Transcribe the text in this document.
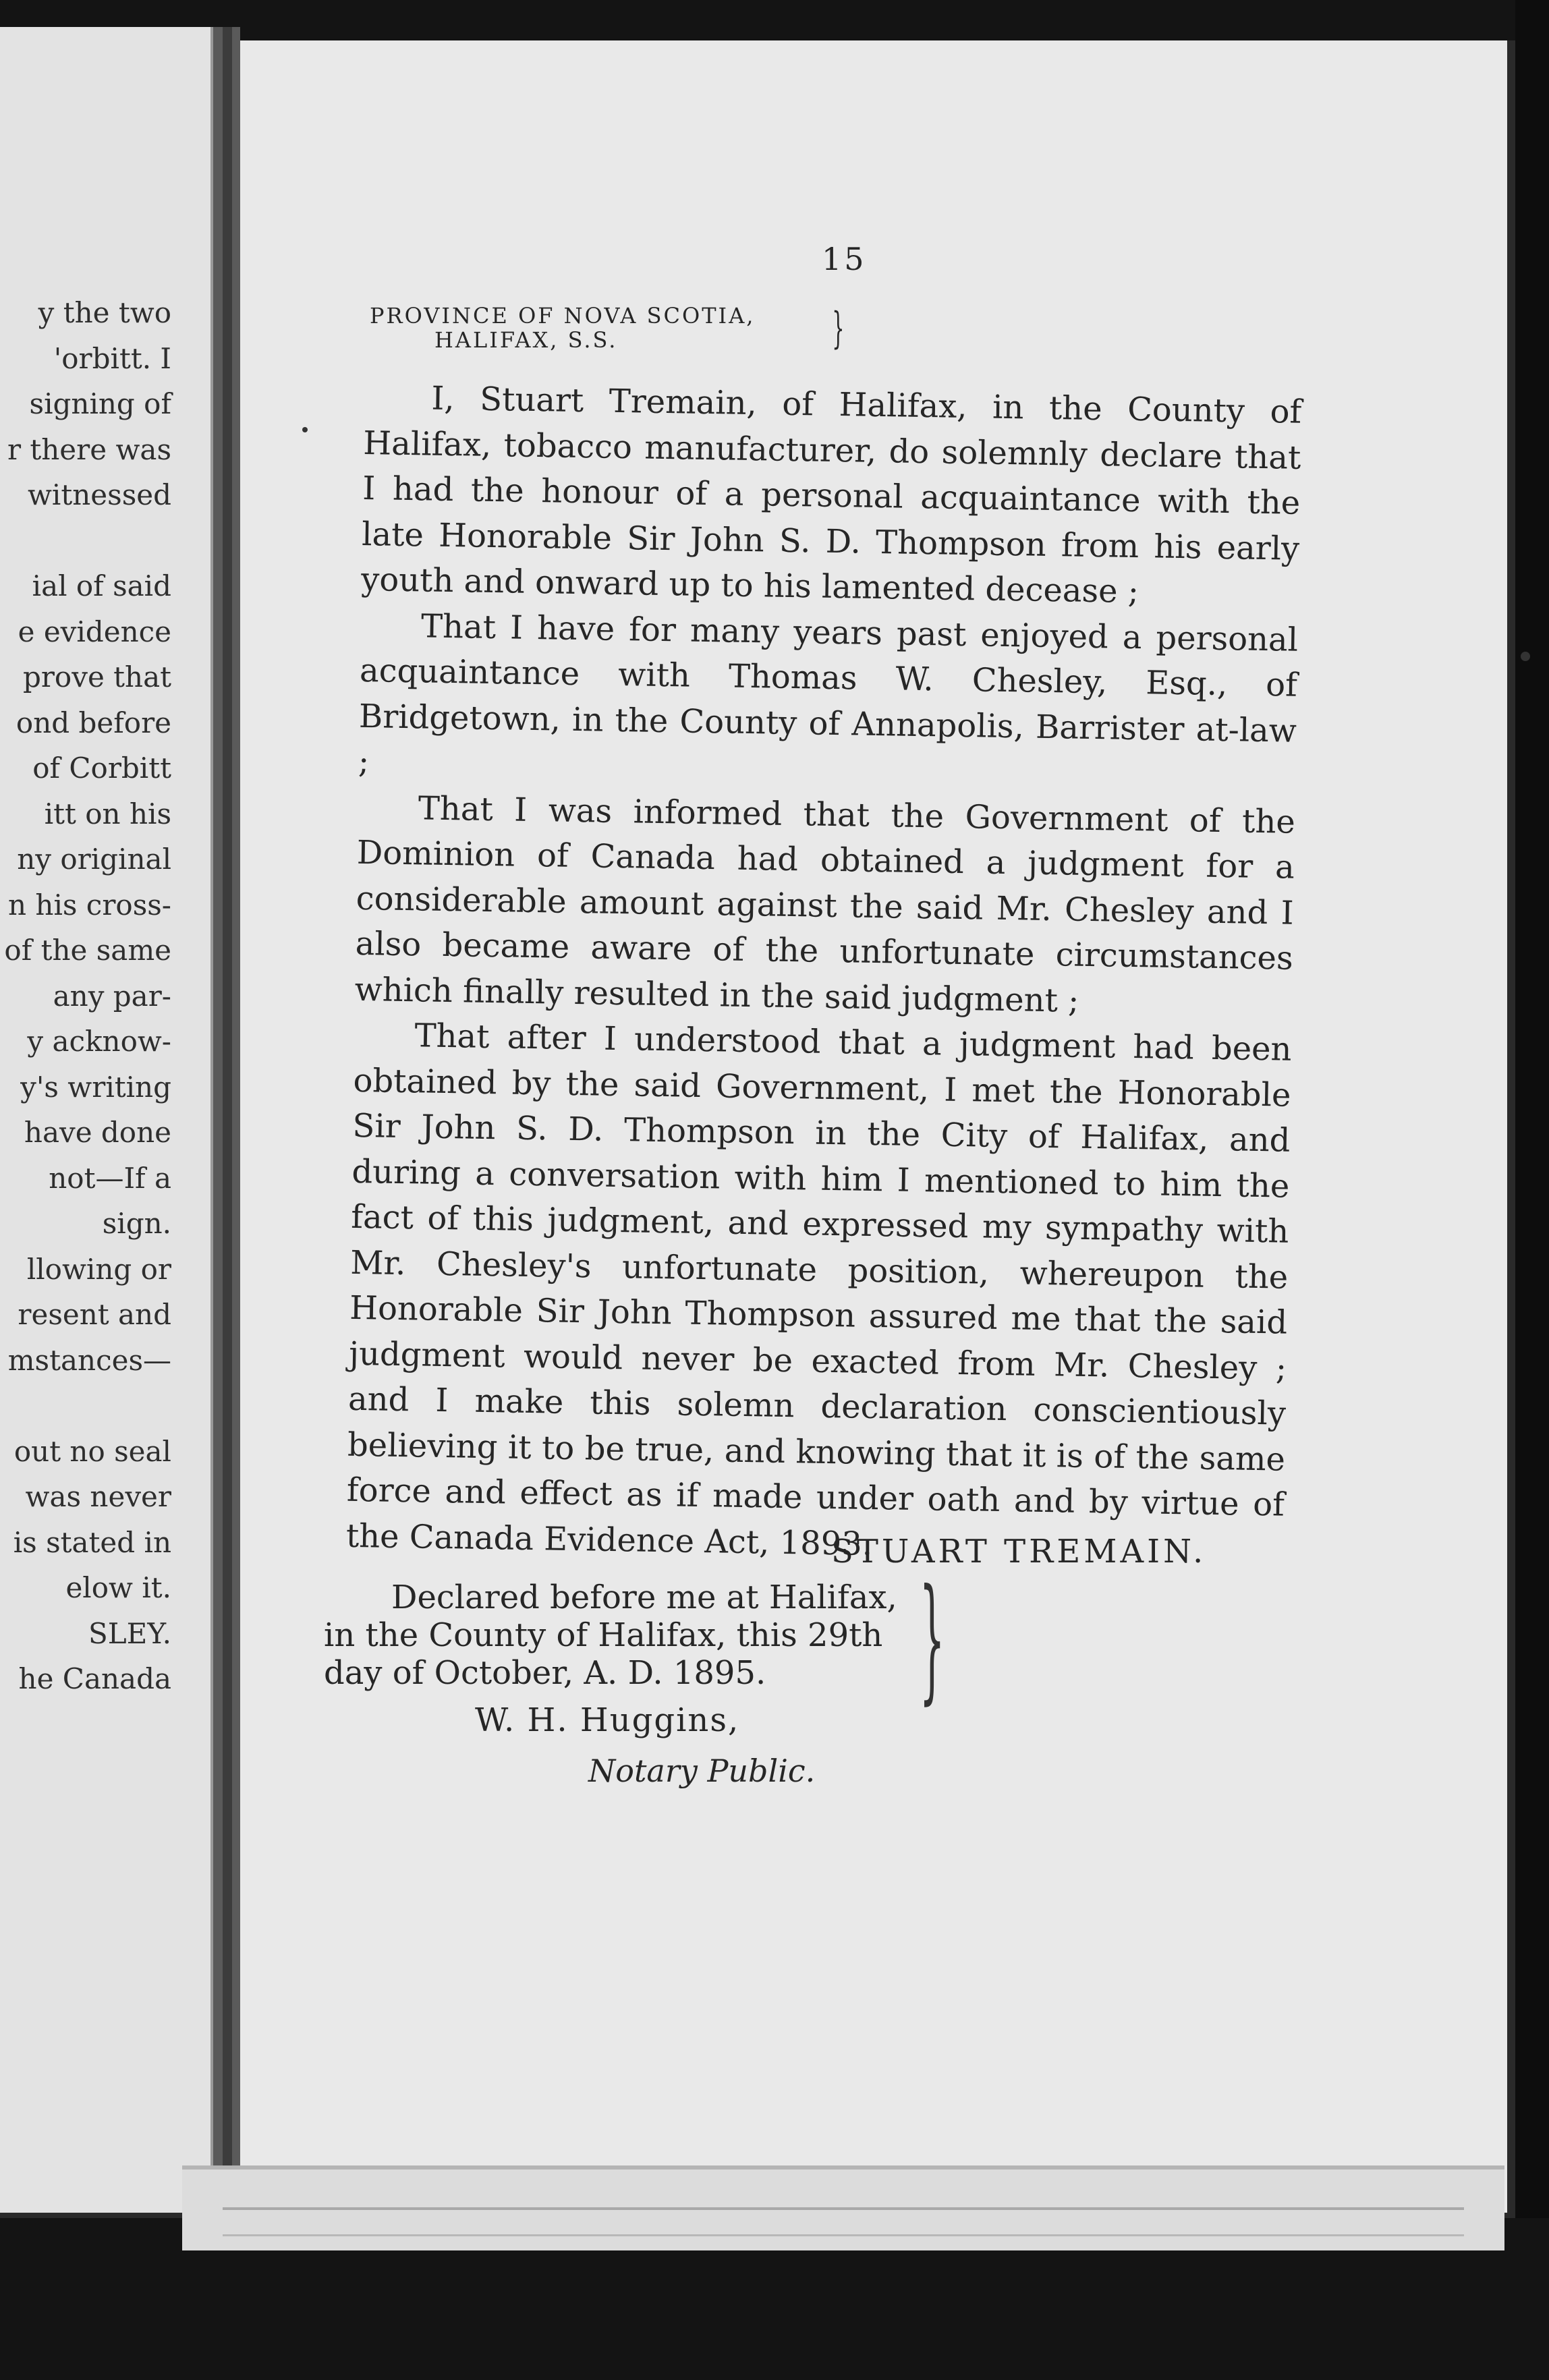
y the two
'orbitt. I
signing of
r there was
witnessed
ial of said
e evidence
prove that
ond before
of Corbitt
itt on his
ny original
n his cross-
of the same
any par-
y acknow-
y's writing
have done
not—If a
sign.
llowing or
resent and
mstances—
out no seal
was never
is stated in
elow it.
SLEY.
he Canada
15
PROVINCE OF NOVA SCOTIA,
HALIFAX, S.S.	}

I, Stuart Tremain, of Halifax, in the County of Halifax, tobacco manufacturer, do solemnly declare that I had the honour of a personal acquaintance with the late Honorable Sir John S. D. Thompson from his early youth and onward up to his lamented decease ;

That I have for many years past enjoyed a personal acquaintance with Thomas W. Chesley, Esq., of Bridgetown, in the County of Annapolis, Barrister at-law ;

That I was informed that the Government of the Dominion of Canada had obtained a judgment for a considerable amount against the said Mr. Chesley and I also became aware of the unfortunate circumstances which finally resulted in the said judgment ;

That after I understood that a judgment had been obtained by the said Government, I met the Honorable Sir John S. D. Thompson in the City of Halifax, and during a conversation with him I mentioned to him the fact of this judgment, and expressed my sympathy with Mr. Chesley's unfortunate position, whereupon the Honorable Sir John Thompson assured me that the said judgment would never be exacted from Mr. Chesley ; and I make this solemn declaration conscientiously believing it to be true, and knowing that it is of the same force and effect as if made under oath and by virtue of the Canada Evidence Act, 1893.

STUART TREMAIN.
Declared before me at Halifax,
in the County of Halifax, this 29th
day of October, A. D. 1895.	}
W. H. Huggins,
Notary Public.
